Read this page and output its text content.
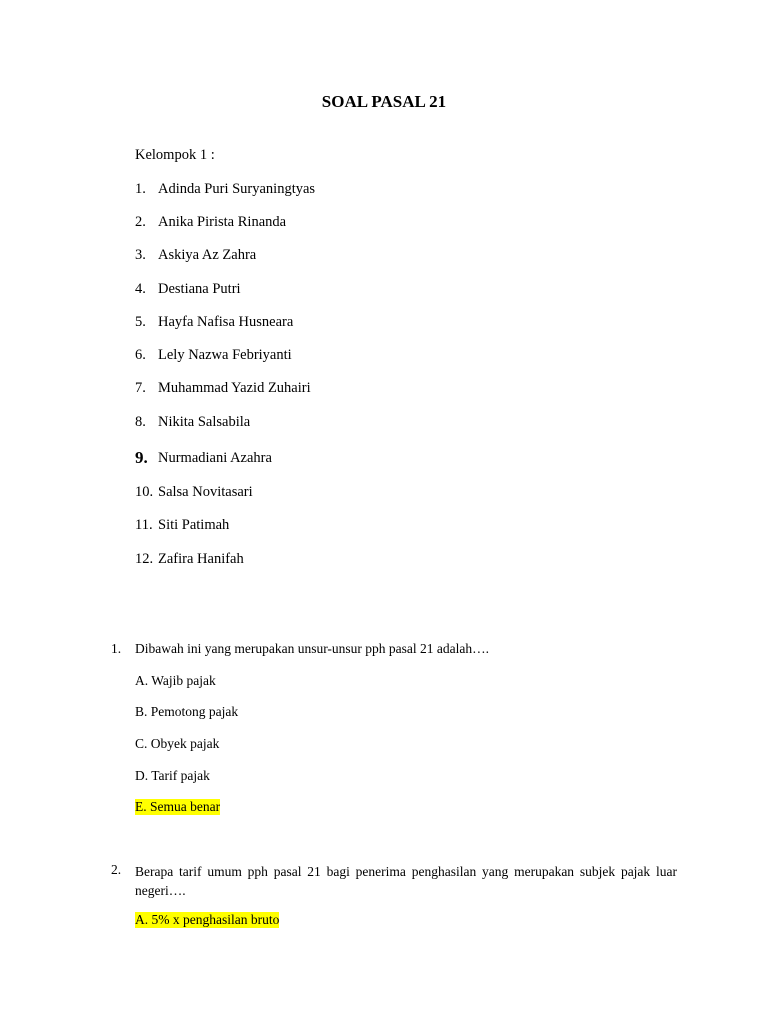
SOAL PASAL 21
Kelompok 1 :
1. Adinda Puri Suryaningtyas
2. Anika Pirista Rinanda
3. Askiya Az Zahra
4. Destiana Putri
5. Hayfa Nafisa Husneara
6. Lely Nazwa Febriyanti
7. Muhammad Yazid Zuhairi
8. Nikita Salsabila
9. Nurmadiani Azahra
10. Salsa Novitasari
11. Siti Patimah
12. Zafira Hanifah
1. Dibawah ini yang merupakan unsur-unsur pph pasal 21 adalah….
A. Wajib pajak
B. Pemotong pajak
C. Obyek pajak
D. Tarif pajak
E. Semua benar
2. Berapa tarif umum pph pasal 21 bagi penerima penghasilan yang merupakan subjek pajak luar negeri….
A. 5% x penghasilan bruto
